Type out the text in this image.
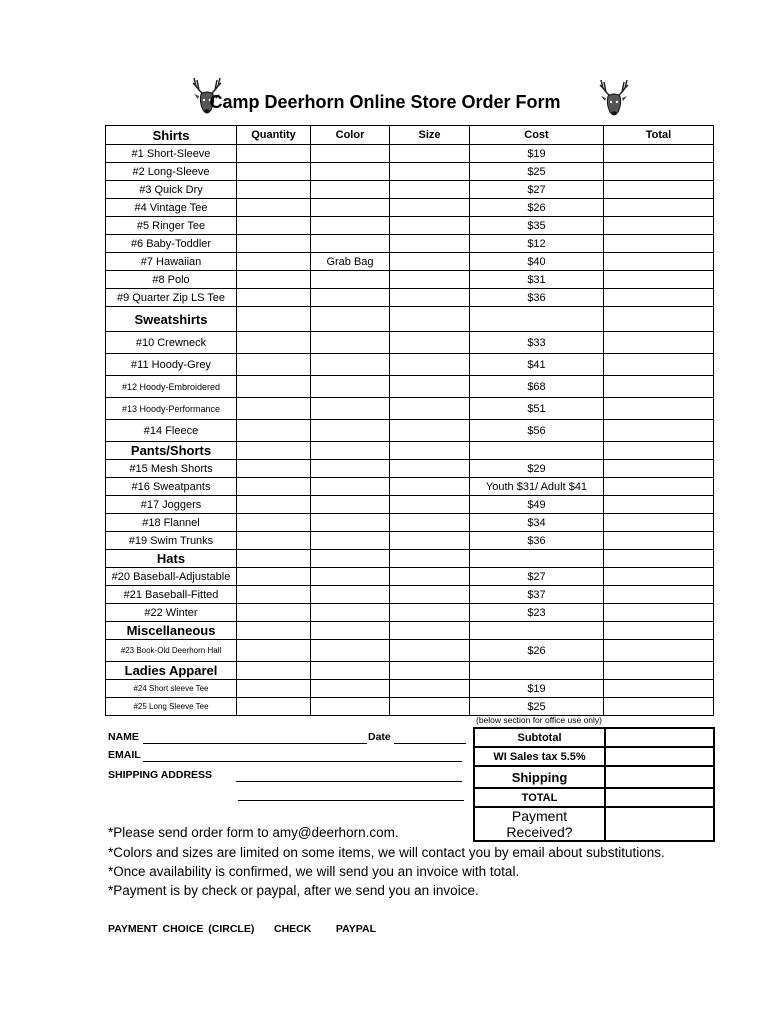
Camp Deerhorn Online Store Order Form
Shirts	Quantity	Color	Size	Cost	Total
#1 Short-Sleeve				$19	
#2 Long-Sleeve				$25	
#3 Quick Dry				$27	
#4 Vintage Tee				$26	
#5 Ringer Tee				$35	
#6 Baby-Toddler				$12	
#7 Hawaiian		Grab Bag		$40	
#8 Polo				$31	
#9 Quarter Zip LS Tee				$36	
Sweatshirts					
#10 Crewneck				$33	
#11 Hoody-Grey				$41	
#12 Hoody-Embroidered				$68	
#13 Hoody-Performance				$51	
#14 Fleece				$56	
Pants/Shorts					
#15 Mesh Shorts				$29	
#16 Sweatpants				Youth $31/ Adult $41	
#17 Joggers				$49	
#18 Flannel				$34	
#19 Swim Trunks				$36	
Hats					
#20 Baseball-Adjustable				$27	
#21 Baseball-Fitted				$37	
#22 Winter				$23	
Miscellaneous					
#23 Book-Old Deerhorn Hall				$26	
Ladies Apparel					
#24 Short sleeve Tee				$19	
#25 Long Sleeve Tee				$25	
(below section for office use only)
Subtotal	
WI Sales tax 5.5%	
Shipping	
TOTAL	
Payment Received?	
NAME	Date
EMAIL
SHIPPING ADDRESS
*Please send order form to amy@deerhorn.com.
*Colors and sizes are limited on some items, we will contact you by email about substitutions.
*Once availability is confirmed, we will send you an invoice with total.
*Payment is by check or paypal, after we send you an invoice.
PAYMENT CHOICE (CIRCLE)    CHECK     PAYPAL
